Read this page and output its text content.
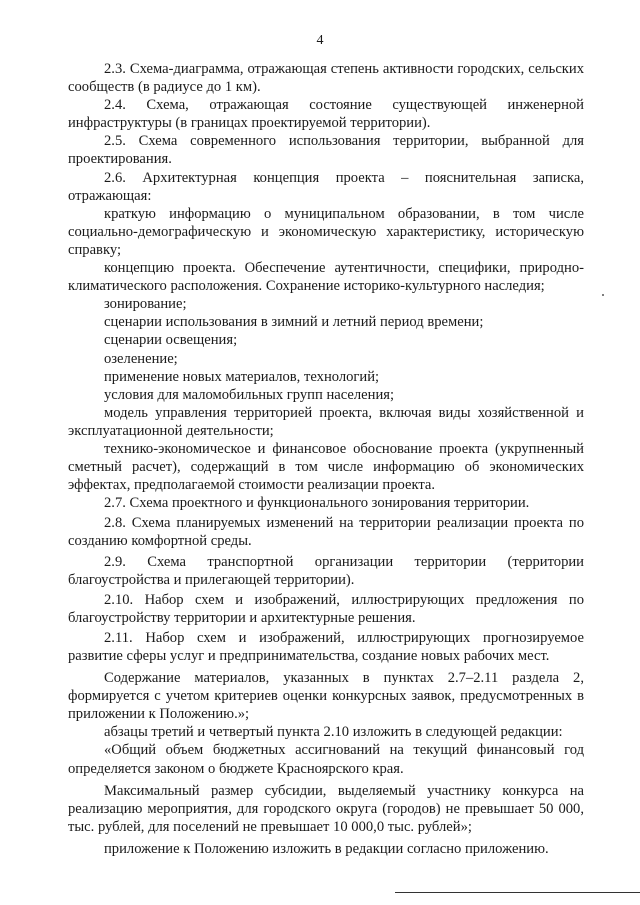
4

2.3. Схема-диаграмма, отражающая степень активности городских, сельских сообществ (в радиусе до 1 км).

2.4. Схема, отражающая состояние существующей инженерной инфраструктуры (в границах проектируемой территории).

2.5. Схема современного использования территории, выбранной для проектирования.

2.6. Архитектурная концепция проекта – пояснительная записка, отражающая:

краткую информацию о муниципальном образовании, в том числе социально-демографическую и экономическую характеристику, историческую справку;

концепцию проекта. Обеспечение аутентичности, специфики, природно-климатического расположения. Сохранение историко-культурного наследия;

зонирование;

сценарии использования в зимний и летний период времени;

сценарии освещения;

озеленение;

применение новых материалов, технологий;

условия для маломобильных групп населения;

модель управления территорией проекта, включая виды хозяйственной и эксплуатационной деятельности;

технико-экономическое и финансовое обоснование проекта (укрупненный сметный расчет), содержащий в том числе информацию об экономических эффектах, предполагаемой стоимости реализации проекта.

2.7. Схема проектного и функционального зонирования территории.

2.8. Схема планируемых изменений на территории реализации проекта по созданию комфортной среды.

2.9. Схема транспортной организации территории (территории благоустройства и прилегающей территории).

2.10. Набор схем и изображений, иллюстрирующих предложения по благоустройству территории и архитектурные решения.

2.11. Набор схем и изображений, иллюстрирующих прогнозируемое развитие сферы услуг и предпринимательства, создание новых рабочих мест.

Содержание материалов, указанных в пунктах 2.7–2.11 раздела 2, формируется с учетом критериев оценки конкурсных заявок, предусмотренных в приложении к Положению.»;

абзацы третий и четвертый пункта 2.10 изложить в следующей редакции:

«Общий объем бюджетных ассигнований на текущий финансовый год определяется законом о бюджете Красноярского края.

Максимальный размер субсидии, выделяемый участнику конкурса на реализацию мероприятия, для городского округа (городов) не превышает 50 000, тыс. рублей, для поселений не превышает 10 000,0 тыс. рублей»;

приложение к Положению изложить в редакции согласно приложению.
